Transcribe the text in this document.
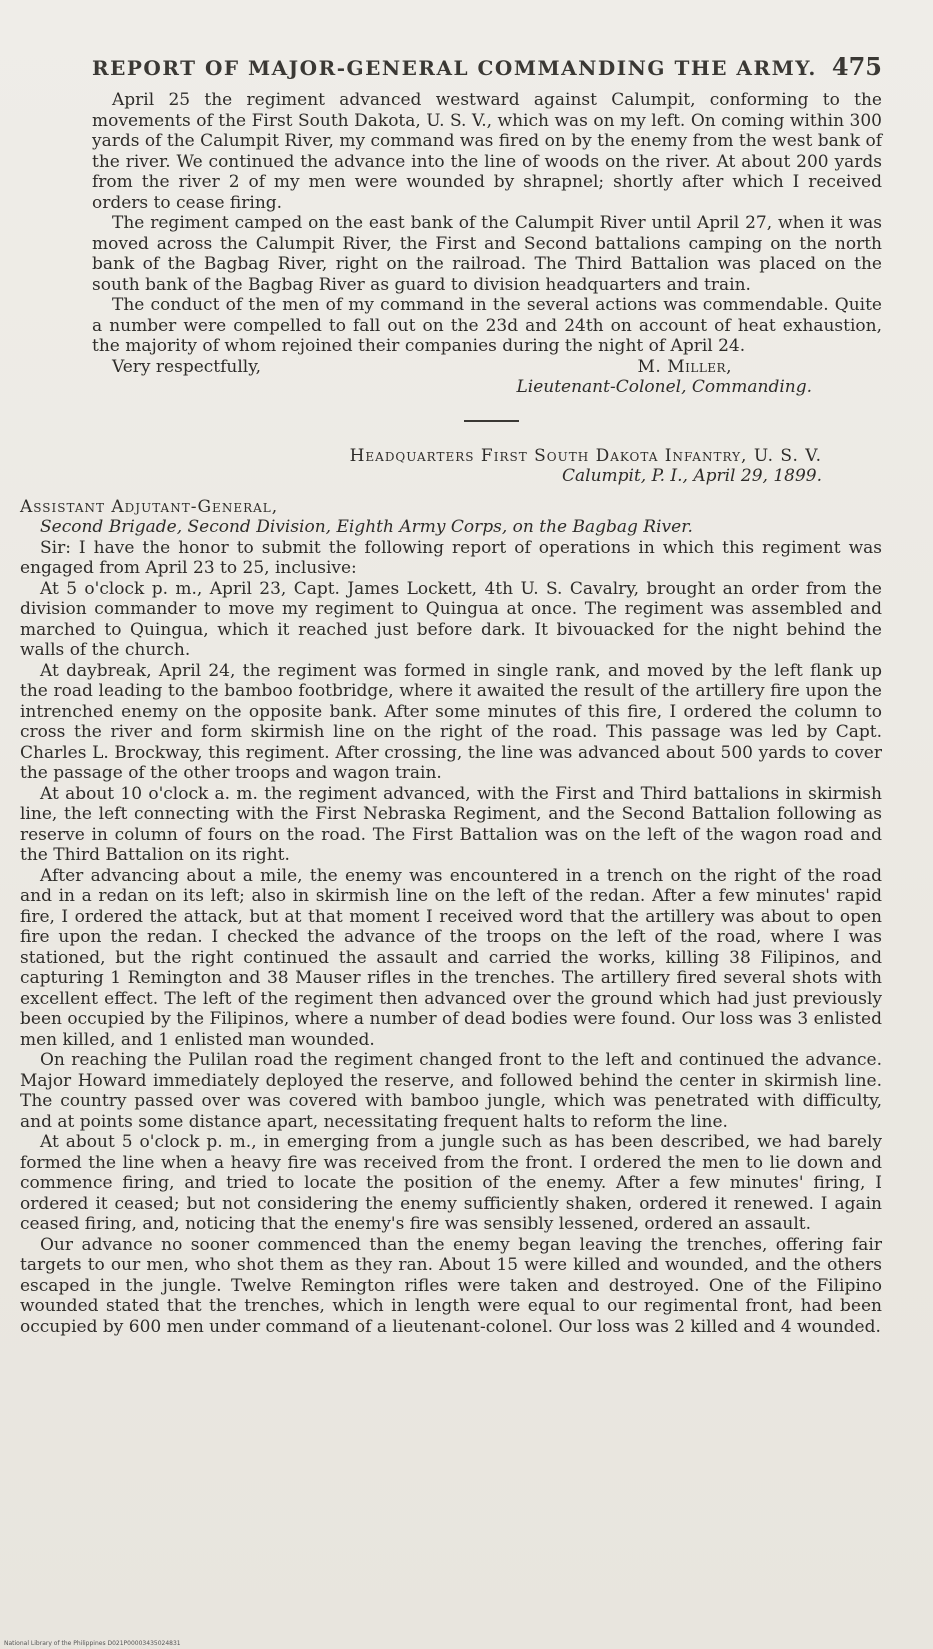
REPORT OF MAJOR-GENERAL COMMANDING THE ARMY. 475

April 25 the regiment advanced westward against Calumpit, conforming to the movements of the First South Dakota, U. S. V., which was on my left. On coming within 300 yards of the Calumpit River, my command was fired on by the enemy from the west bank of the river. We continued the advance into the line of woods on the river. At about 200 yards from the river 2 of my men were wounded by shrapnel; shortly after which I received orders to cease firing.

The regiment camped on the east bank of the Calumpit River until April 27, when it was moved across the Calumpit River, the First and Second battalions camping on the north bank of the Bagbag River, right on the railroad. The Third Battalion was placed on the south bank of the Bagbag River as guard to division headquarters and train.

The conduct of the men of my command in the several actions was commendable. Quite a number were compelled to fall out on the 23d and 24th on account of heat exhaustion, the majority of whom rejoined their companies during the night of April 24.

Very respectfully,	M. Miller,
Lieutenant-Colonel, Commanding.
Headquarters First South Dakota Infantry, U. S. V.
Calumpit, P. I., April 29, 1899.
Assistant Adjutant-General,
Second Brigade, Second Division, Eighth Army Corps, on the Bagbag River.

Sir: I have the honor to submit the following report of operations in which this regiment was engaged from April 23 to 25, inclusive:

At 5 o'clock p. m., April 23, Capt. James Lockett, 4th U. S. Cavalry, brought an order from the division commander to move my regiment to Quingua at once. The regiment was assembled and marched to Quingua, which it reached just before dark. It bivouacked for the night behind the walls of the church.

At daybreak, April 24, the regiment was formed in single rank, and moved by the left flank up the road leading to the bamboo footbridge, where it awaited the result of the artillery fire upon the intrenched enemy on the opposite bank. After some minutes of this fire, I ordered the column to cross the river and form skirmish line on the right of the road. This passage was led by Capt. Charles L. Brockway, this regiment. After crossing, the line was advanced about 500 yards to cover the passage of the other troops and wagon train.

At about 10 o'clock a. m. the regiment advanced, with the First and Third battalions in skirmish line, the left connecting with the First Nebraska Regiment, and the Second Battalion following as reserve in column of fours on the road. The First Battalion was on the left of the wagon road and the Third Battalion on its right.

After advancing about a mile, the enemy was encountered in a trench on the right of the road and in a redan on its left; also in skirmish line on the left of the redan. After a few minutes' rapid fire, I ordered the attack, but at that moment I received word that the artillery was about to open fire upon the redan. I checked the advance of the troops on the left of the road, where I was stationed, but the right continued the assault and carried the works, killing 38 Filipinos, and capturing 1 Remington and 38 Mauser rifles in the trenches. The artillery fired several shots with excellent effect. The left of the regiment then advanced over the ground which had just previously been occupied by the Filipinos, where a number of dead bodies were found. Our loss was 3 enlisted men killed, and 1 enlisted man wounded.

On reaching the Pulilan road the regiment changed front to the left and continued the advance. Major Howard immediately deployed the reserve, and followed behind the center in skirmish line. The country passed over was covered with bamboo jungle, which was penetrated with difficulty, and at points some distance apart, necessitating frequent halts to reform the line.

At about 5 o'clock p. m., in emerging from a jungle such as has been described, we had barely formed the line when a heavy fire was received from the front. I ordered the men to lie down and commence firing, and tried to locate the position of the enemy. After a few minutes' firing, I ordered it ceased; but not considering the enemy sufficiently shaken, ordered it renewed. I again ceased firing, and, noticing that the enemy's fire was sensibly lessened, ordered an assault.

Our advance no sooner commenced than the enemy began leaving the trenches, offering fair targets to our men, who shot them as they ran. About 15 were killed and wounded, and the others escaped in the jungle. Twelve Remington rifles were taken and destroyed. One of the Filipino wounded stated that the trenches, which in length were equal to our regimental front, had been occupied by 600 men under command of a lieutenant-colonel. Our loss was 2 killed and 4 wounded.

National Library of the Philippines D021P00003435024831
